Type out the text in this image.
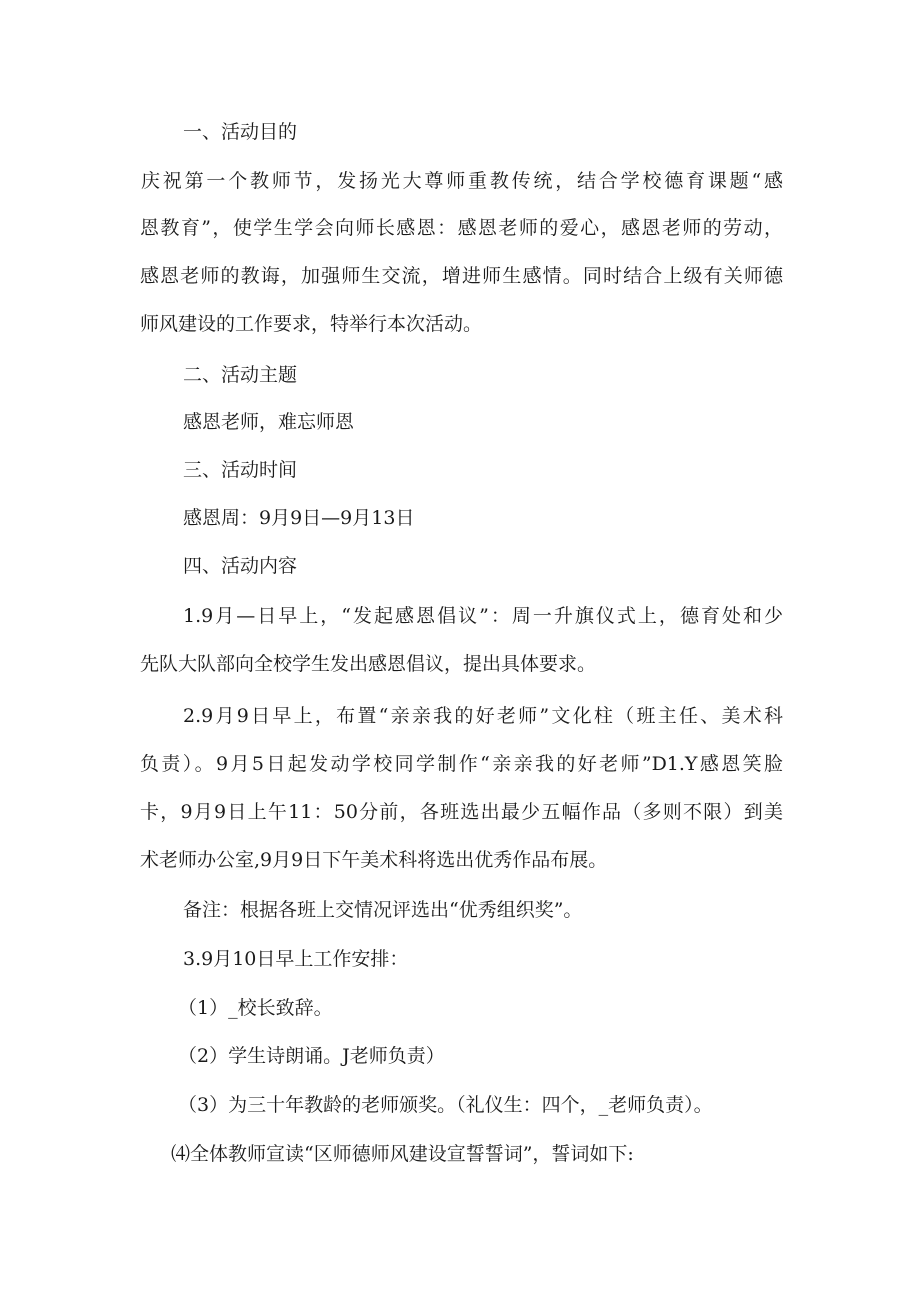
一、活动目的
庆祝第一个教师节，发扬光大尊师重教传统，结合学校德育课题“感
恩教育”，使学生学会向师长感恩：感恩老师的爱心，感恩老师的劳动，
感恩老师的教诲，加强师生交流，增进师生感情。同时结合上级有关师德
师风建设的工作要求，特举行本次活动。
二、活动主题
感恩老师，难忘师恩
三、活动时间
感恩周：9月9日—9月13日
四、活动内容
1.9月—日早上，“发起感恩倡议”：周一升旗仪式上，德育处和少
先队大队部向全校学生发出感恩倡议，提出具体要求。
2.9月9日早上，布置“亲亲我的好老师”文化柱（班主任、美术科
负责）。9月5日起发动学校同学制作“亲亲我的好老师”D1.Y感恩笑脸
卡，9月9日上午11：50分前，各班选出最少五幅作品（多则不限）到美
术老师办公室,9月9日下午美术科将选出优秀作品布展。
备注：根据各班上交情况评选出“优秀组织奖”。
3.9月10日早上工作安排：
（1）_校长致辞。
（2）学生诗朗诵。J老师负责）
（3）为三十年教龄的老师颁奖。（礼仪生：四个，_老师负责）。
⑷全体教师宣读“区师德师风建设宣誓誓词”，誓词如下:
